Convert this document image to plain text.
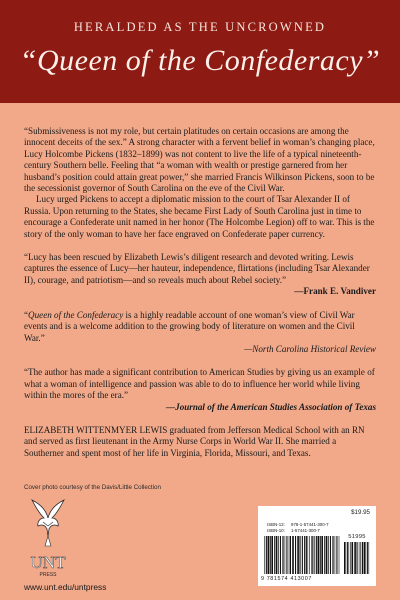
HERALDED AS THE UNCROWNED
“Queen of the Confederacy”

“Submissiveness is not my role, but certain platitudes on certain occasions are among the innocent deceits of the sex.” A strong character with a fervent belief in woman’s changing place, Lucy Holcombe Pickens (1832–1899) was not content to live the life of a typical nineteenth-century Southern belle. Feeling that “a woman with wealth or prestige garnered from her husband’s position could attain great power,” she married Francis Wilkinson Pickens, soon to be the secessionist governor of South Carolina on the eve of the Civil War.

Lucy urged Pickens to accept a diplomatic mission to the court of Tsar Alexander II of Russia. Upon returning to the States, she became First Lady of South Carolina just in time to encourage a Confederate unit named in her honor (The Holcombe Legion) off to war. This is the story of the only woman to have her face engraved on Confederate paper currency.

“Lucy has been rescued by Elizabeth Lewis’s diligent research and devoted writing. Lewis captures the essence of Lucy—her hauteur, independence, flirtations (including Tsar Alexander II), courage, and patriotism—and so reveals much about Rebel society.”

—Frank E. Vandiver

“Queen of the Confederacy is a highly readable account of one woman’s view of Civil War events and is a welcome addition to the growing body of literature on women and the Civil War.”

—North Carolina Historical Review

“The author has made a significant contribution to American Studies by giving us an example of what a woman of intelligence and passion was able to do to influence her world while living within the mores of the era.”

—Journal of the American Studies Association of Texas

ELIZABETH WITTENMYER LEWIS graduated from Jefferson Medical School with an RN and served as first lieutenant in the Army Nurse Corps in World War II. She married a Southerner and spent most of her life in Virginia, Florida, Missouri, and Texas.

Cover photo courtesy of the Davis/Little Collection
UNT
PRESS
www.unt.edu/untpress
$19.95
ISBN-13: 978-1-57441-300-7
ISBN-10: 1-57441-300-7
51995
9 781574 413007
